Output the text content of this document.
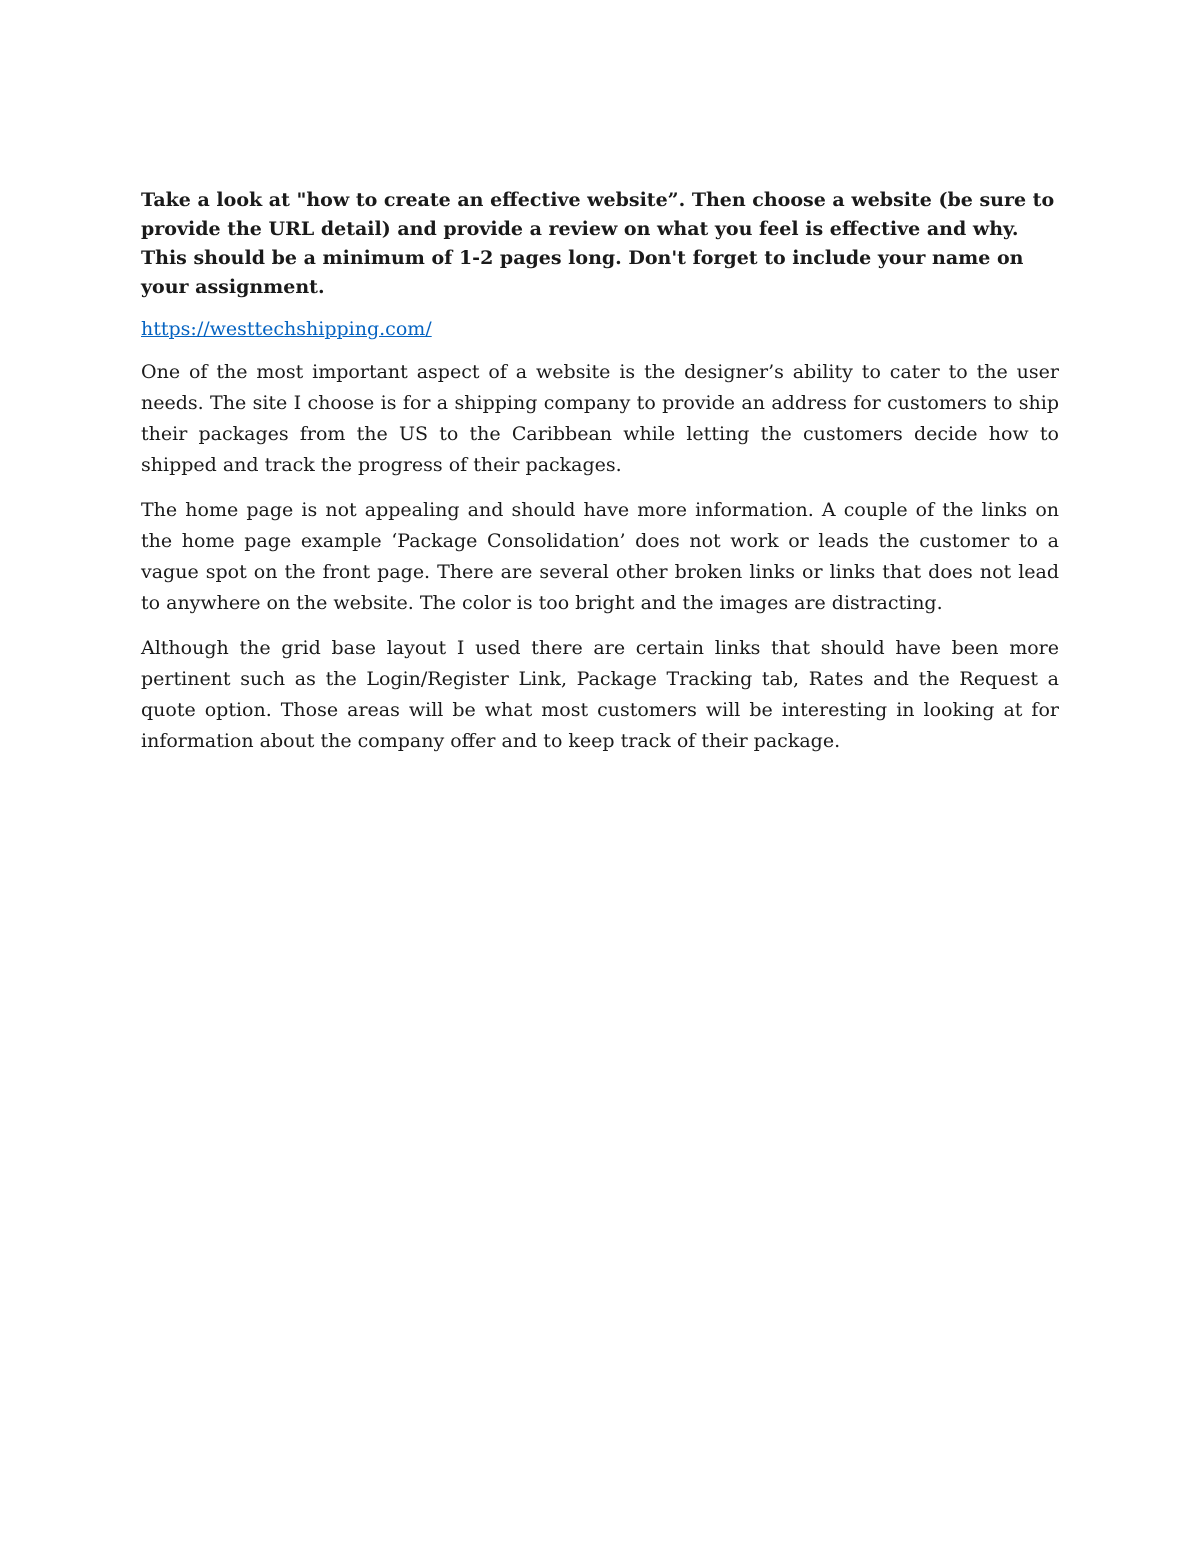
Take a look at "how to create an effective website”. Then choose a website (be sure to provide the URL detail) and provide a review on what you feel is effective and why. This should be a minimum of 1-2 pages long. Don't forget to include your name on your assignment.

https://westtechshipping.com/

One of the most important aspect of a website is the designer’s ability to cater to the user needs. The site I choose is for a shipping company to provide an address for customers to ship their packages from the US to the Caribbean while letting the customers decide how to shipped and track the progress of their packages.

The home page is not appealing and should have more information. A couple of the links on the home page example ‘Package Consolidation’ does not work or leads the customer to a vague spot on the front page. There are several other broken links or links that does not lead to anywhere on the website. The color is too bright and the images are distracting.

Although the grid base layout I used there are certain links that should have been more pertinent such as the Login/Register Link, Package Tracking tab, Rates and the Request a quote option. Those areas will be what most customers will be interesting in looking at for information about the company offer and to keep track of their package.
